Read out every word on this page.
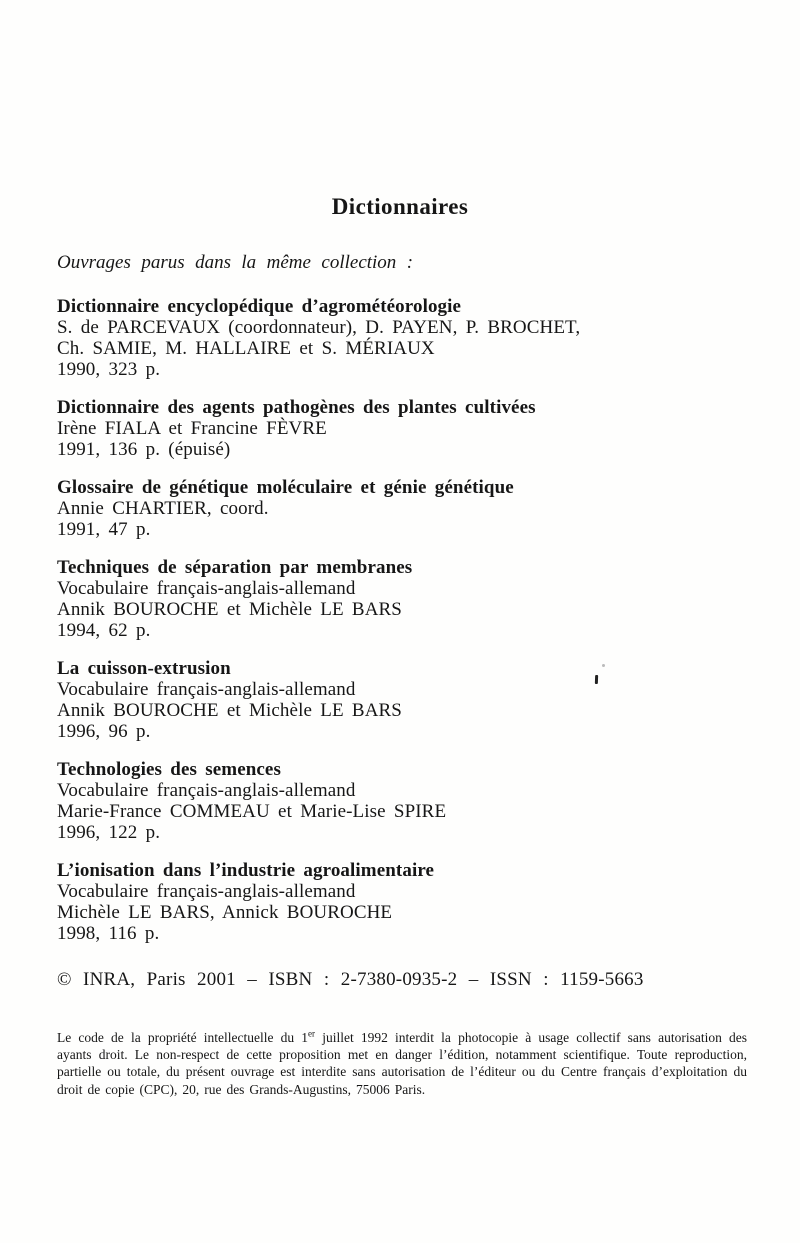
Dictionnaires
Ouvrages parus dans la même collection :
Dictionnaire encyclopédique d’agrométéorologie
S. de PARCEVAUX (coordonnateur), D. PAYEN, P. BROCHET,
Ch. SAMIE, M. HALLAIRE et S. MÉRIAUX
1990, 323 p.
Dictionnaire des agents pathogènes des plantes cultivées
Irène FIALA et Francine FÈVRE
1991, 136 p. (épuisé)
Glossaire de génétique moléculaire et génie génétique
Annie CHARTIER, coord.
1991, 47 p.
Techniques de séparation par membranes
Vocabulaire français-anglais-allemand
Annik BOUROCHE et Michèle LE BARS
1994, 62 p.
La cuisson-extrusion
Vocabulaire français-anglais-allemand
Annik BOUROCHE et Michèle LE BARS
1996, 96 p.
Technologies des semences
Vocabulaire français-anglais-allemand
Marie-France COMMEAU et Marie-Lise SPIRE
1996, 122 p.
L’ionisation dans l’industrie agroalimentaire
Vocabulaire français-anglais-allemand
Michèle LE BARS, Annick BOUROCHE
1998, 116 p.
© INRA, Paris 2001 – ISBN : 2-7380-0935-2 – ISSN : 1159-5663
Le code de la propriété intellectuelle du 1er juillet 1992 interdit la photocopie à usage collectif sans autorisation des ayants droit. Le non-respect de cette proposition met en danger l’édition, notamment scientifique. Toute reproduction, partielle ou totale, du présent ouvrage est interdite sans autorisation de l’éditeur ou du Centre français d’exploitation du droit de copie (CPC), 20, rue des Grands-Augustins, 75006 Paris.
